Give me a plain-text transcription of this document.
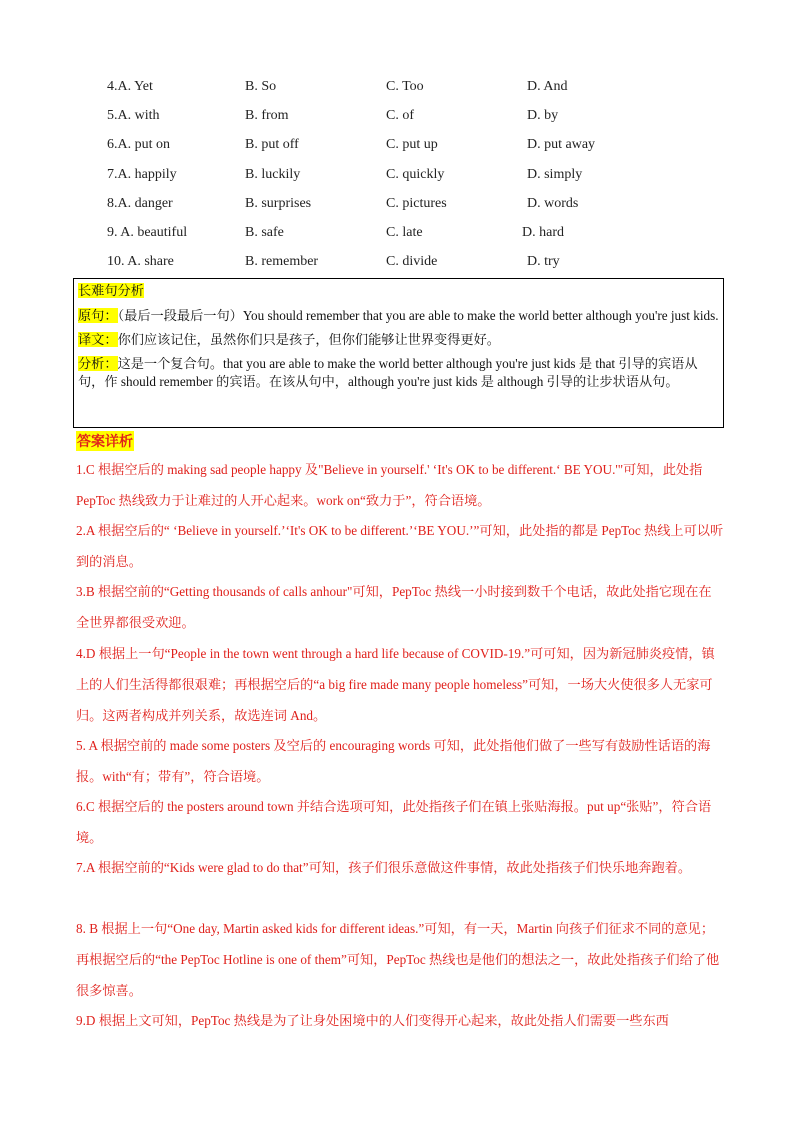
4.A. Yet	B. So	C. Too	D. And
5.A. with	B. from	C. of	D. by
6.A. put on	B. put off	C. put up	D. put away
7.A. happily	B. luckily	C. quickly	D. simply
8.A. danger	B. surprises	C. pictures	D. words
9. A. beautiful	B. safe	C. late	D. hard
10. A. share	B. remember	C. divide	D. try
长难句分析
原句：（最后一段最后一句）You should remember that you are able to make the world better although you're just kids.
译文：你们应该记住，虽然你们只是孩子，但你们能够让世界变得更好。
分析：这是一个复合句。that you are able to make the world better although you're just kids 是 that 引导的宾语从句，作 should remember 的宾语。在该从句中，although you're just kids 是 although 引导的让步状语从句。
答案详析
1.C 根据空后的 making sad people happy 及"Believe in yourself.' ‘It's OK to be different.‘ BE YOU.'"可知，此处指 PepToc 热线致力于让难过的人开心起来。work on“致力于”，符合语境。
2.A 根据空后的“ ‘Believe in yourself.’‘It's OK to be different.’‘BE YOU.’”可知，此处指的都是 PepToc 热线上可以听到的消息。
3.B 根据空前的“Getting thousands of calls anhour"可知，PepToc 热线一小时接到数千个电话，故此处指它现在在全世界都很受欢迎。
4.D 根据上一句“People in the town went through a hard life because of COVID-19.”可可知，因为新冠肺炎疫情，镇上的人们生活得都很艰难；再根据空后的“a big fire made many people homeless”可知，一场大火使很多人无家可归。这两者构成并列关系，故选连词 And。
5. A 根据空前的 made some posters 及空后的 encouraging words 可知，此处指他们做了一些写有鼓励性话语的海报。with“有；带有”，符合语境。
6.C 根据空后的 the posters around town 并结合选项可知，此处指孩子们在镇上张贴海报。put up“张贴”，符合语境。
7.A 根据空前的“Kids were glad to do that”可知，孩子们很乐意做这件事情，故此处指孩子们快乐地奔跑着。
8. B 根据上一句“One day, Martin asked kids for different ideas.”可知，有一天，Martin 向孩子们征求不同的意见；再根据空后的“the PepToc Hotline is one of them”可知，PepToc 热线也是他们的想法之一，故此处指孩子们给了他很多惊喜。
9.D 根据上文可知，PepToc 热线是为了让身处困境中的人们变得开心起来，故此处指人们需要一些东西
